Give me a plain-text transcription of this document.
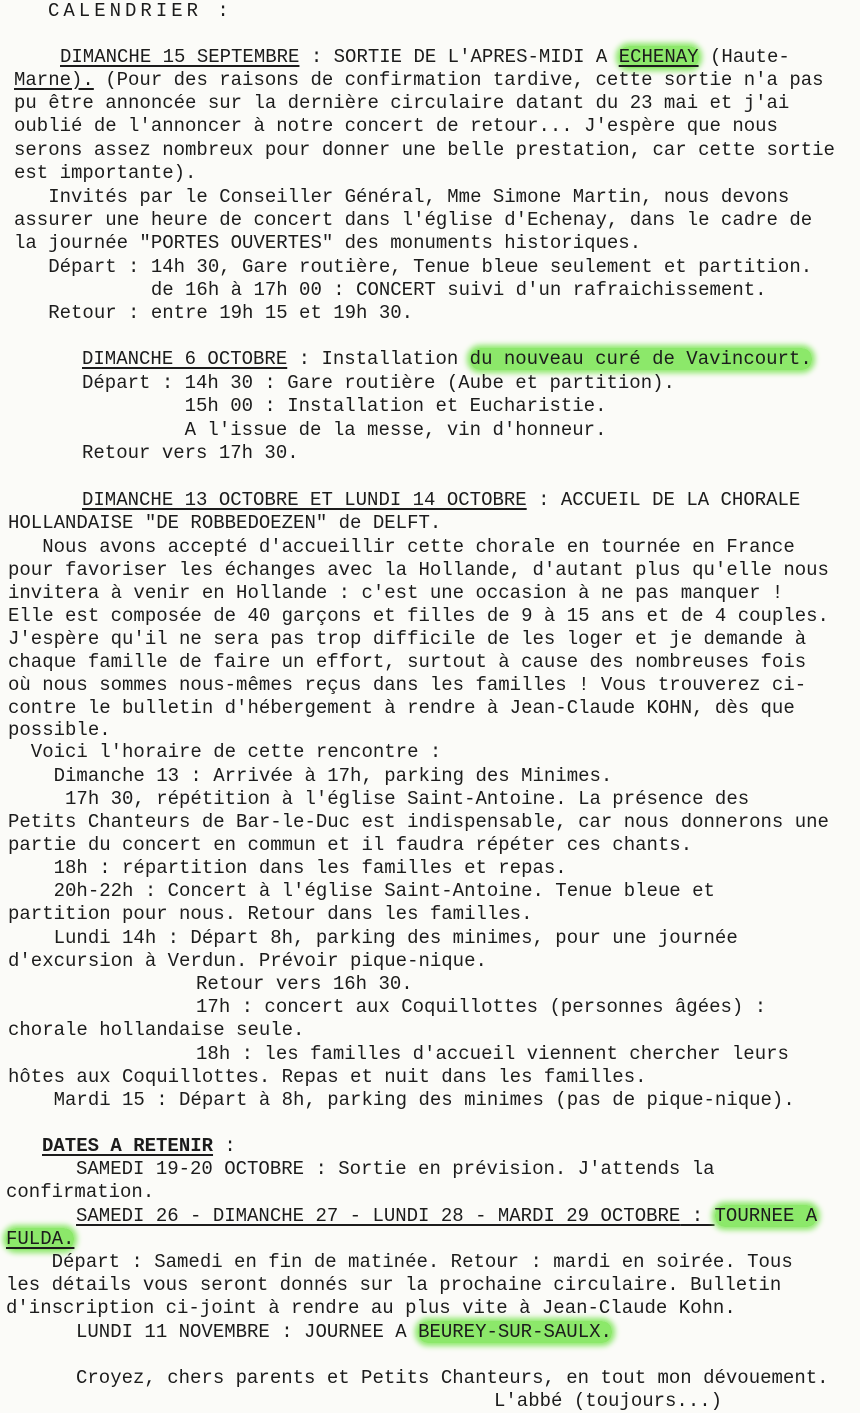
CALENDRIER :
DIMANCHE 15 SEPTEMBRE : SORTIE DE L'APRES-MIDI A ECHENAY (Haute-
Marne). (Pour des raisons de confirmation tardive, cette sortie n'a pas
pu être annoncée sur la dernière circulaire datant du 23 mai et j'ai
oublié de l'annoncer à notre concert de retour... J'espère que nous
serons assez nombreux pour donner une belle prestation, car cette sortie
est importante).
Invités par le Conseiller Général, Mme Simone Martin, nous devons
assurer une heure de concert dans l'église d'Echenay, dans le cadre de
la journée "PORTES OUVERTES" des monuments historiques.
Départ : 14h 30, Gare routière, Tenue bleue seulement et partition.
de 16h à 17h 00 : CONCERT suivi d'un rafraichissement.
Retour : entre 19h 15 et 19h 30.
DIMANCHE 6 OCTOBRE : Installation du nouveau curé de Vavincourt.
Départ : 14h 30 : Gare routière (Aube et partition).
15h 00 : Installation et Eucharistie.
A l'issue de la messe, vin d'honneur.
Retour vers 17h 30.
DIMANCHE 13 OCTOBRE ET LUNDI 14 OCTOBRE : ACCUEIL DE LA CHORALE
HOLLANDAISE "DE ROBBEDOEZEN" de DELFT.
Nous avons accepté d'accueillir cette chorale en tournée en France
pour favoriser les échanges avec la Hollande, d'autant plus qu'elle nous
invitera à venir en Hollande : c'est une occasion à ne pas manquer !
Elle est composée de 40 garçons et filles de 9 à 15 ans et de 4 couples.
J'espère qu'il ne sera pas trop difficile de les loger et je demande à
chaque famille de faire un effort, surtout à cause des nombreuses fois
où nous sommes nous-mêmes reçus dans les familles ! Vous trouverez ci-
contre le bulletin d'hébergement à rendre à Jean-Claude KOHN, dès que
possible.
Voici l'horaire de cette rencontre :
Dimanche 13 : Arrivée à 17h, parking des Minimes.
17h 30, répétition à l'église Saint-Antoine. La présence des
Petits Chanteurs de Bar-le-Duc est indispensable, car nous donnerons une
partie du concert en commun et il faudra répéter ces chants.
18h : répartition dans les familles et repas.
20h-22h : Concert à l'église Saint-Antoine. Tenue bleue et
partition pour nous. Retour dans les familles.
Lundi 14h : Départ 8h, parking des minimes, pour une journée
d'excursion à Verdun. Prévoir pique-nique.
Retour vers 16h 30.
17h : concert aux Coquillottes (personnes âgées) :
chorale hollandaise seule.
18h : les familles d'accueil viennent chercher leurs
hôtes aux Coquillottes. Repas et nuit dans les familles.
Mardi 15 : Départ à 8h, parking des minimes (pas de pique-nique).
DATES A RETENIR :
SAMEDI 19-20 OCTOBRE : Sortie en prévision. J'attends la
confirmation.
SAMEDI 26 - DIMANCHE 27 - LUNDI 28 - MARDI 29 OCTOBRE : TOURNEE A
FULDA.
Départ : Samedi en fin de matinée. Retour : mardi en soirée. Tous
les détails vous seront donnés sur la prochaine circulaire. Bulletin
d'inscription ci-joint à rendre au plus vite à Jean-Claude Kohn.
LUNDI 11 NOVEMBRE : JOURNEE A BEUREY-SUR-SAULX.
Croyez, chers parents et Petits Chanteurs, en tout mon dévouement.
L'abbé (toujours...)
